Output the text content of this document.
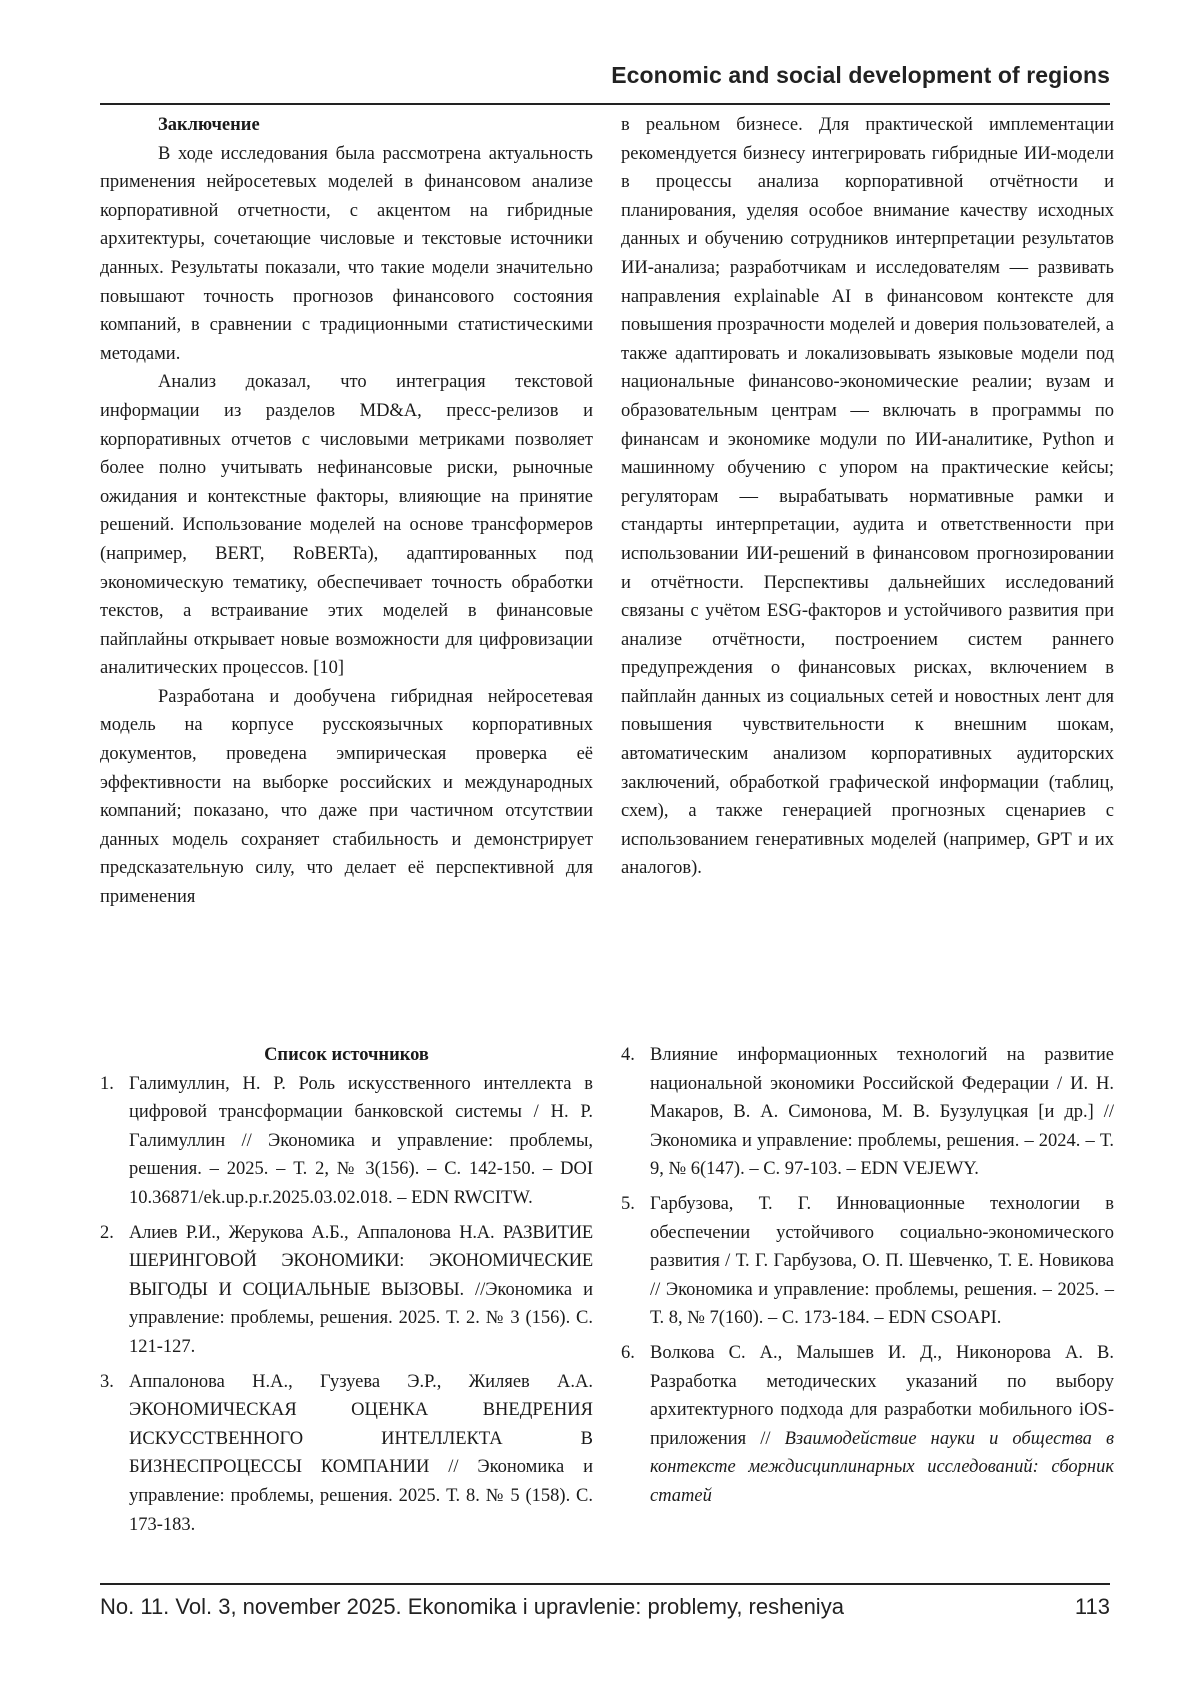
Economic and social development of regions

Заключение

В ходе исследования была рассмотрена актуальность применения нейросетевых моделей в финансовом анализе корпоративной отчетности, с акцентом на гибридные архитектуры, сочетающие числовые и текстовые источники данных. Результаты показали, что такие модели значительно повышают точность прогнозов финансового состояния компаний, в сравнении с традиционными статистическими методами.

Анализ доказал, что интеграция текстовой информации из разделов MD&A, пресс-релизов и корпоративных отчетов с числовыми метриками позволяет более полно учитывать нефинансовые риски, рыночные ожидания и контекстные факторы, влияющие на принятие решений. Использование моделей на основе трансформеров (например, BERT, RoBERTa), адаптированных под экономическую тематику, обеспечивает точность обработки текстов, а встраивание этих моделей в финансовые пайплайны открывает новые возможности для цифровизации аналитических процессов. [10]

Разработана и дообучена гибридная нейросетевая модель на корпусе русскоязычных корпоративных документов, проведена эмпирическая проверка её эффективности на выборке российских и международных компаний; показано, что даже при частичном отсутствии данных модель сохраняет стабильность и демонстрирует предсказательную силу, что делает её перспективной для применения

в реальном бизнесе. Для практической имплементации рекомендуется бизнесу интегрировать гибридные ИИ-модели в процессы анализа корпоративной отчётности и планирования, уделяя особое внимание качеству исходных данных и обучению сотрудников интерпретации результатов ИИ-анализа; разработчикам и исследователям — развивать направления explainable AI в финансовом контексте для повышения прозрачности моделей и доверия пользователей, а также адаптировать и локализовывать языковые модели под национальные финансово-экономические реалии; вузам и образовательным центрам — включать в программы по финансам и экономике модули по ИИ-аналитике, Python и машинному обучению с упором на практические кейсы; регуляторам — вырабатывать нормативные рамки и стандарты интерпретации, аудита и ответственности при использовании ИИ-решений в финансовом прогнозировании и отчётности. Перспективы дальнейших исследований связаны с учётом ESG-факторов и устойчивого развития при анализе отчётности, построением систем раннего предупреждения о финансовых рисках, включением в пайплайн данных из социальных сетей и новостных лент для повышения чувствительности к внешним шокам, автоматическим анализом корпоративных аудиторских заключений, обработкой графической информации (таблиц, схем), а также генерацией прогнозных сценариев с использованием генеративных моделей (например, GPT и их аналогов).

Список источников

1. Галимуллин, Н. Р. Роль искусственного интеллекта в цифровой трансформации банковской системы / Н. Р. Галимуллин // Экономика и управление: проблемы, решения. – 2025. – Т. 2, № 3(156). – С. 142-150. – DOI 10.36871/ek.up.p.r.2025.03.02.018. – EDN RWCITW.
2. Алиев Р.И., Жерукова А.Б., Аппалонова Н.А. РАЗВИТИЕ ШЕРИНГОВОЙ ЭКОНОМИКИ: ЭКОНОМИЧЕСКИЕ ВЫГОДЫ И СОЦИАЛЬНЫЕ ВЫЗОВЫ. //Экономика и управление: проблемы, решения. 2025. Т. 2. № 3 (156). С. 121-127.
3. Аппалонова Н.А., Гузуева Э.Р., Жиляев А.А. ЭКОНОМИЧЕСКАЯ ОЦЕНКА ВНЕДРЕНИЯ ИСКУССТВЕННОГО ИНТЕЛЛЕКТА В БИЗНЕСПРОЦЕССЫ КОМПАНИИ // Экономика и управление: проблемы, решения. 2025. Т. 8. № 5 (158). С. 173-183.
4. Влияние информационных технологий на развитие национальной экономики Российской Федерации / И. Н. Макаров, В. А. Симонова, М. В. Бузулуцкая [и др.] // Экономика и управление: проблемы, решения. – 2024. – Т. 9, № 6(147). – С. 97-103. – EDN VEJEWY.
5. Гарбузова, Т. Г. Инновационные технологии в обеспечении устойчивого социально-экономического развития / Т. Г. Гарбузова, О. П. Шевченко, Т. Е. Новикова // Экономика и управление: проблемы, решения. – 2025. – Т. 8, № 7(160). – С. 173-184. – EDN CSOAPI.
6. Волкова С. А., Малышев И. Д., Никонорова А. В. Разработка методических указаний по выбору архитектурного подхода для разработки мобильного iOS-приложения // Взаимодействие науки и общества в контексте междисциплинарных исследований: сборник статей
No. 11. Vol. 3, november 2025. Ekonomika i upravlenie: problemy, resheniya	113
